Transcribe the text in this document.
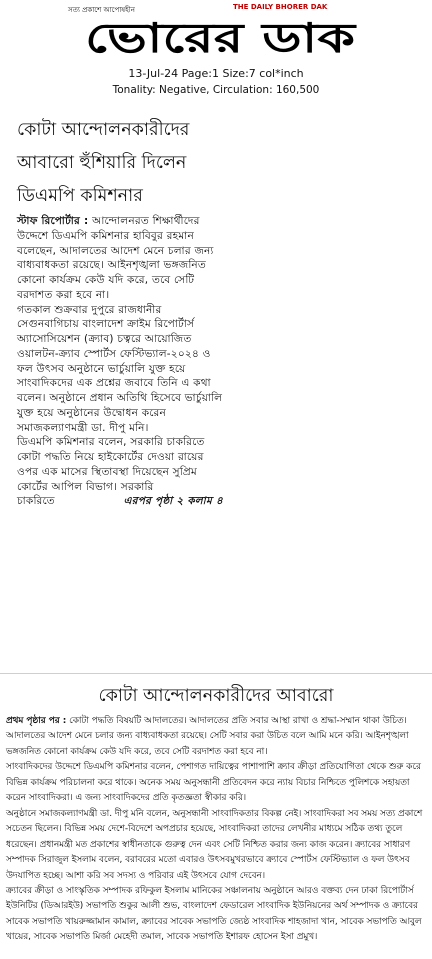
সত্য প্রকাশে আপোষহীন	THE DAILY BHORER DAK
ভোরের ডাক
13-Jul-24 Page:1 Size:7 col*inch
Tonality: Negative, Circulation: 160,500
কোটা আন্দোলনকারীদের
আবারো হুঁশিয়ারি দিলেন
ডিএমপি কমিশনার

স্টাফ রিপোর্টার : আন্দোলনরত শিক্ষার্থীদের উদ্দেশে ডিএমপি কমিশনার হাবিবুর রহমান বলেছেন, আদালতের আদেশ মেনে চলার জন্য বাধ্যবাধকতা রয়েছে। আইনশৃঙ্খলা ভঙ্গজনিত কোনো কার্যক্রম কেউ যদি করে, তবে সেটি বরদাশত করা হবে না।

গতকাল শুক্রবার দুপুরে রাজধানীর সেগুনবাগিচায় বাংলাদেশ ক্রাইম রিপোর্টার্স অ্যাসোসিয়েশন (ক্র্যাব) চত্বরে আয়োজিত ওয়ালটন-ক্র্যাব স্পোর্টস ফেস্টিভ্যাল-২০২৪ ও ফল উৎসব অনুষ্ঠানে ভার্চুয়ালি যুক্ত হয়ে সাংবাদিকদের এক প্রশ্নের জবাবে তিনি এ কথা বলেন। অনুষ্ঠানে প্রধান অতিথি হিসেবে ভার্চুয়ালি যুক্ত হয়ে অনুষ্ঠানের উদ্বোধন করেন সমাজকল্যাণমন্ত্রী ডা. দীপু মনি।

ডিএমপি কমিশনার বলেন, সরকারি চাকরিতে কোটা পদ্ধতি নিয়ে হাইকোর্টের দেওয়া রায়ের ওপর এক মাসের স্থিতাবস্থা দিয়েছেন সুপ্রিম কোর্টের আপিল বিভাগ। সরকারি

চাকরিতে	এরপর পৃষ্ঠা ২ কলাম ৪
কোটা আন্দোলনকারীদের আবারো

প্রথম পৃষ্ঠার পর : কোটা পদ্ধতি বিষয়টি আদালতের। আদালতের প্রতি সবার আস্থা রাখা ও শ্রদ্ধা-সম্মান থাকা উচিত। আদালতের আদেশ মেনে চলার জন্য বাধ্যবাধকতা রয়েছে। সেটি সবার করা উচিত বলে আমি মনে করি। আইনশৃঙ্খলা ভঙ্গজনিত কোনো কার্যক্রম কেউ যদি করে, তবে সেটি বরদাশত করা হবে না।

সাংবাদিকদের উদ্দেশে ডিএমপি কমিশনার বলেন, পেশাগত দায়িত্বের পাশাপাশি ক্র্যাব ক্রীড়া প্রতিযোগিতা থেকে শুরু করে বিভিন্ন কার্যক্রম পরিচালনা করে থাকে। অনেক সময় অনুসন্ধানী প্রতিবেদন করে ন্যায় বিচার নিশ্চিতে পুলিশকে সহায়তা করেন সাংবাদিকরা। এ জন্য সাংবাদিকদের প্রতি কৃতজ্ঞতা স্বীকার করি।

অনুষ্ঠানে সমাজকল্যাণমন্ত্রী ডা. দীপু মনি বলেন, অনুসন্ধানী সাংবাদিকতার বিকল্প নেই। সাংবাদিকরা সব সময় সত্য প্রকাশে সচেতন ছিলেন। বিভিন্ন সময় দেশে-বিদেশে অপপ্রচার হয়েছে, সাংবাদিকরা তাদের লেখনীর মাধ্যমে সঠিক তথ্য তুলে ধরেছেন। প্রধানমন্ত্রী মত প্রকাশের স্বাধীনতাকে গুরুত্ব দেন এবং সেটি নিশ্চিত করার জন্য কাজ করেন। ক্র্যাবের সাধারণ সম্পাদক সিরাজুল ইসলাম বলেন, বরাবরের মতো এবারও উৎসবমুখরভাবে ক্র্যাবে স্পোর্টস ফেস্টিভ্যাল ও ফল উৎসব উদযাপিত হচ্ছে। আশা করি সব সদস্য ও পরিবার এই উৎসবে যোগ দেবেন।

ক্র্যাবের ক্রীড়া ও সাংস্কৃতিক সম্পাদক রফিকুল ইসলাম মানিকের সঞ্চালনায় অনুষ্ঠানে আরও বক্তব্য দেন ঢাকা রিপোর্টার্স ইউনিটির (ডিআরইউ) সভাপতি শুকুর আলী শুভ, বাংলাদেশ ফেডারেল সাংবাদিক ইউনিয়নের অর্থ সম্পাদক ও ক্র্যাবের সাবেক সভাপতি খায়রুজ্জামান কামাল, ক্র্যাবের সাবেক সভাপতি জ্যেষ্ঠ সাংবাদিক শাহজাদা খান, সাবেক সভাপতি আবুল খায়ের, সাবেক সভাপতি মির্জা মেহেদী তমাল, সাবেক সভাপতি ইশারফ হোসেন ইসা প্রমুখ।
